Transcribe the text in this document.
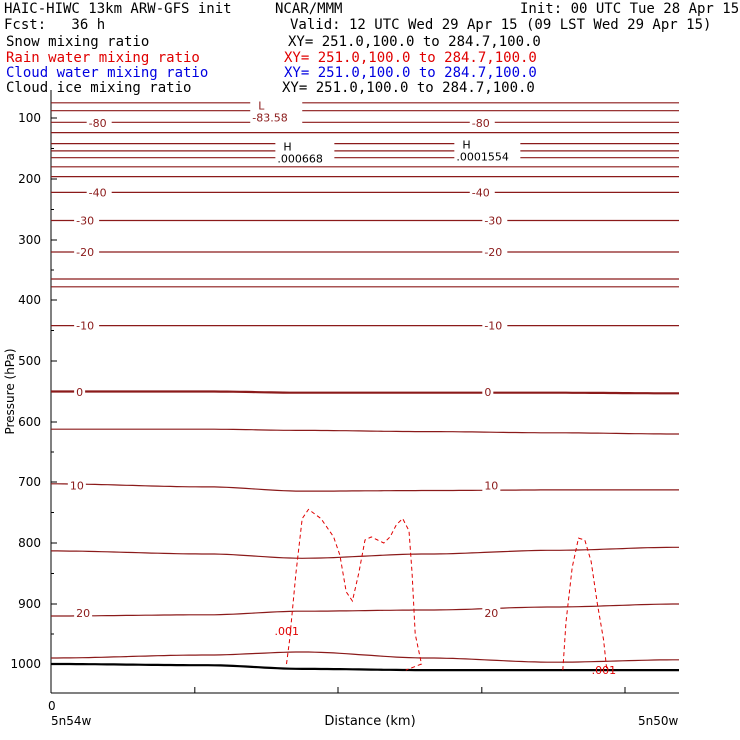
HAIC-HIWC 13km ARW-GFS init	NCAR/MMM	Init: 00 UTC Tue 28 Apr 15
Fcst:   36 h	Valid: 12 UTC Wed 29 Apr 15 (09 LST Wed 29 Apr 15)
Snow mixing ratio	XY= 251.0,100.0 to 284.7,100.0
Rain water mixing ratio	XY= 251.0,100.0 to 284.7,100.0
Cloud water mixing ratio	XY= 251.0,100.0 to 284.7,100.0
Cloud ice mixing ratio	XY= 251.0,100.0 to 284.7,100.0
100
200
300
400
500
600
700
800
900
1000
Pressure (hPa)
Distance (km)
0
5n54w	5n50w
-80	-80
-40	-40
-30	-30
-20	-20
-10	-10
0	0
10	10
20	20
.001
.001
L
-83.58
H
.000668
H
.0001554
